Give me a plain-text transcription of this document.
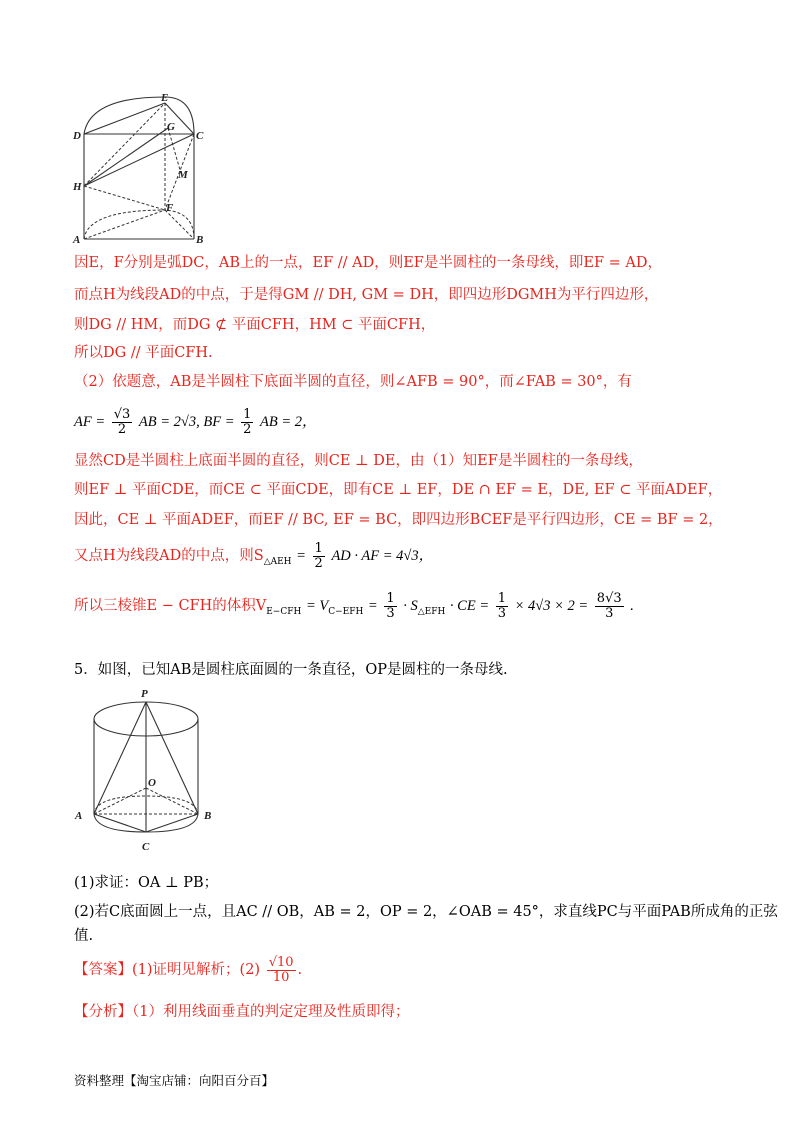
E
D
G
C
M
H
F
A	B
因E，F分别是弧DC，AB上的一点，EF // AD，则EF是半圆柱的一条母线，即EF = AD，
而点H为线段AD的中点，于是得GM // DH, GM = DH，即四边形DGMH为平行四边形，
则DG // HM，而DG ⊄ 平面CFH，HM ⊂ 平面CFH，
所以DG // 平面CFH.
（2）依题意，AB是半圆柱下底面半圆的直径，则∠AFB = 90°，而∠FAB = 30°，有
AF = $\frac{√3}{2}$ AB = 2√3, BF = $\frac{1}{2}$ AB = 2，
显然CD是半圆柱上底面半圆的直径，则CE ⊥ DE，由（1）知EF是半圆柱的一条母线，
则EF ⊥ 平面CDE，而CE ⊂ 平面CDE，即有CE ⊥ EF，DE ∩ EF = E，DE, EF ⊂ 平面ADEF，
因此，CE ⊥ 平面ADEF，而EF // BC, EF = BC，即四边形BCEF是平行四边形，CE = BF = 2，
又点H为线段AD的中点，则$S_{\triangle AEH} = \frac{1}{2}$ AD · AF = 4√3，
所以三棱锥E − CFH的体积$V_{E-CFH} = V_{C-EFH} = \frac{1}{3} \cdot S_{\triangle EFH}$ · CE = $\frac{1}{3} \times 4√3 \times 2 = \frac{8√3}{3}$ .
5．如图，已知AB是圆柱底面圆的一条直径，OP是圆柱的一条母线.
P
O
A	B
C
(1)求证：OA ⊥ PB；
(2)若C底面圆上一点，且AC // OB，AB = 2，OP = 2，∠OAB = 45°，求直线PC与平面PAB所成角的正弦
值.
【答案】(1)证明见解析；$(2) \frac{√10}{10}$ .
【分析】（1）利用线面垂直的判定定理及性质即得；
资料整理【淘宝店铺：向阳百分百】
